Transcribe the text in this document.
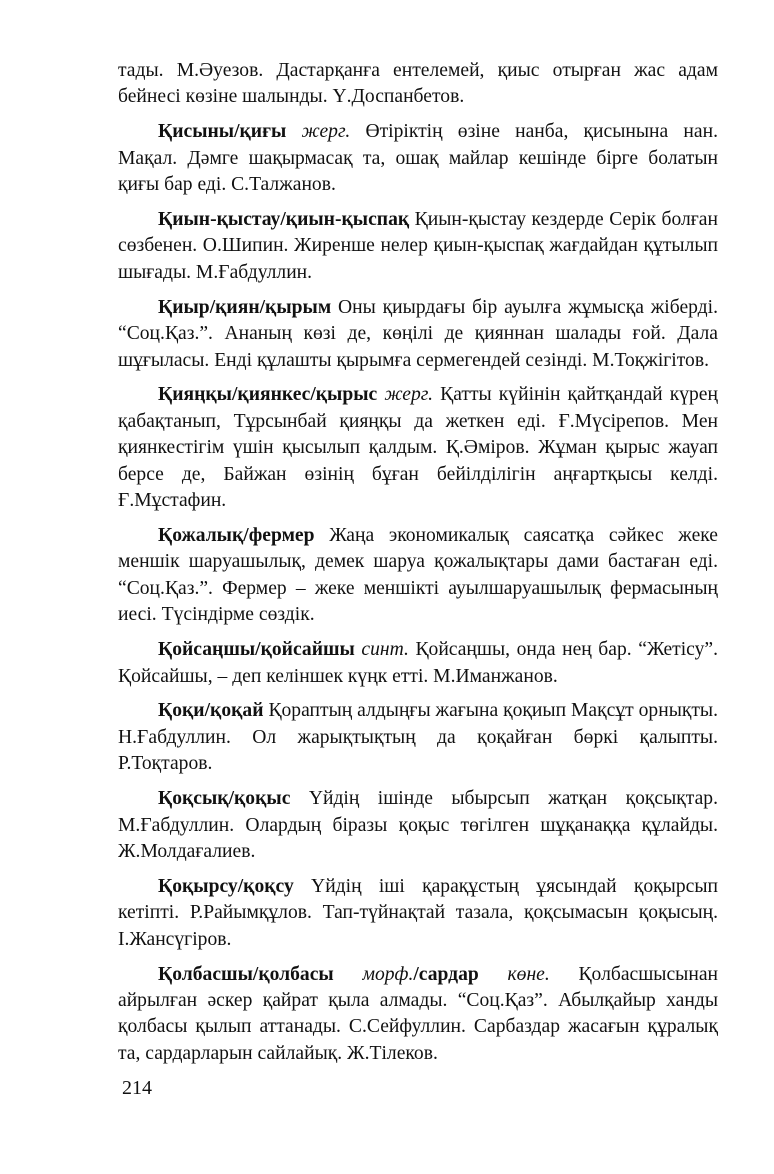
тады. М.Әуезов. Дастарқанға ентелемей, қиыс отырған жас адам бейнесі көзіне шалынды. Ү.Доспанбетов.

Қисыны/қиғы жерг. Өтіріктің өзіне нанба, қисынына нан. Мақал. Дәмге шақырмасақ та, ошақ майлар кешінде бірге болатын қиғы бар еді. С.Талжанов.

Қиын-қыстау/қиын-қыспақ Қиын-қыстау кездерде Серік болған сөзбенен. О.Шипин. Жиренше нелер қиын-қыспақ жағдайдан құтылып шығады. М.Ғабдуллин.

Қиыр/қиян/қырым Оны қиырдағы бір ауылға жұмысқа жіберді. “Соц.Қаз.”. Ананың көзі де, көңілі де қияннан шалады ғой. Дала шұғыласы. Енді құлашты қырымға сермегендей сезінді. М.Тоқжігітов.

Қияңқы/қиянкес/қырыс жерг. Қатты күйінін қайтқандай күрең қабақтанып, Тұрсынбай қияңқы да жеткен еді. Ғ.Мүсірепов. Мен қиянкестігім үшін қысылып қалдым. Қ.Әміров. Жұман қырыс жауап берсе де, Байжан өзінің бұған бейілділігін аңғартқысы келді. Ғ.Мұстафин.

Қожалық/фермер Жаңа экономикалық саясатқа сәйкес жеке меншік шаруашылық, демек шаруа қожалықтары дами бастаған еді. “Соц.Қаз.”. Фермер – жеке меншікті ауылшаруашылық фермасының иесі. Түсіндірме сөздік.

Қойсаңшы/қойсайшы синт. Қойсаңшы, онда нең бар. “Жетісу”. Қойсайшы, – деп келіншек күңк етті. М.Иманжанов.

Қоқи/қоқай Қораптың алдыңғы жағына қоқиып Мақсұт орнықты. Н.Ғабдуллин. Ол жарықтықтың да қоқайған бөркі қалыпты. Р.Тоқтаров.

Қоқсық/қоқыс Үйдің ішінде ыбырсып жатқан қоқсықтар. М.Ғабдуллин. Олардың біразы қоқыс төгілген шұқанаққа құлайды. Ж.Молдағалиев.

Қоқырсу/қоқсу Үйдің іші қарақұстың ұясындай қоқырсып кетіпті. Р.Райымқұлов. Тап-түйнақтай тазала, қоқсымасын қоқысың. І.Жансүгіров.

Қолбасшы/қолбасы морф./сардар көне. Қолбасшысынан айрылған әскер қайрат қыла алмады. “Соц.Қаз”. Абылқайыр ханды қолбасы қылып аттанады. С.Сейфуллин. Сарбаздар жасағын құралық та, сардарларын сайлайық. Ж.Тілеков.

214
